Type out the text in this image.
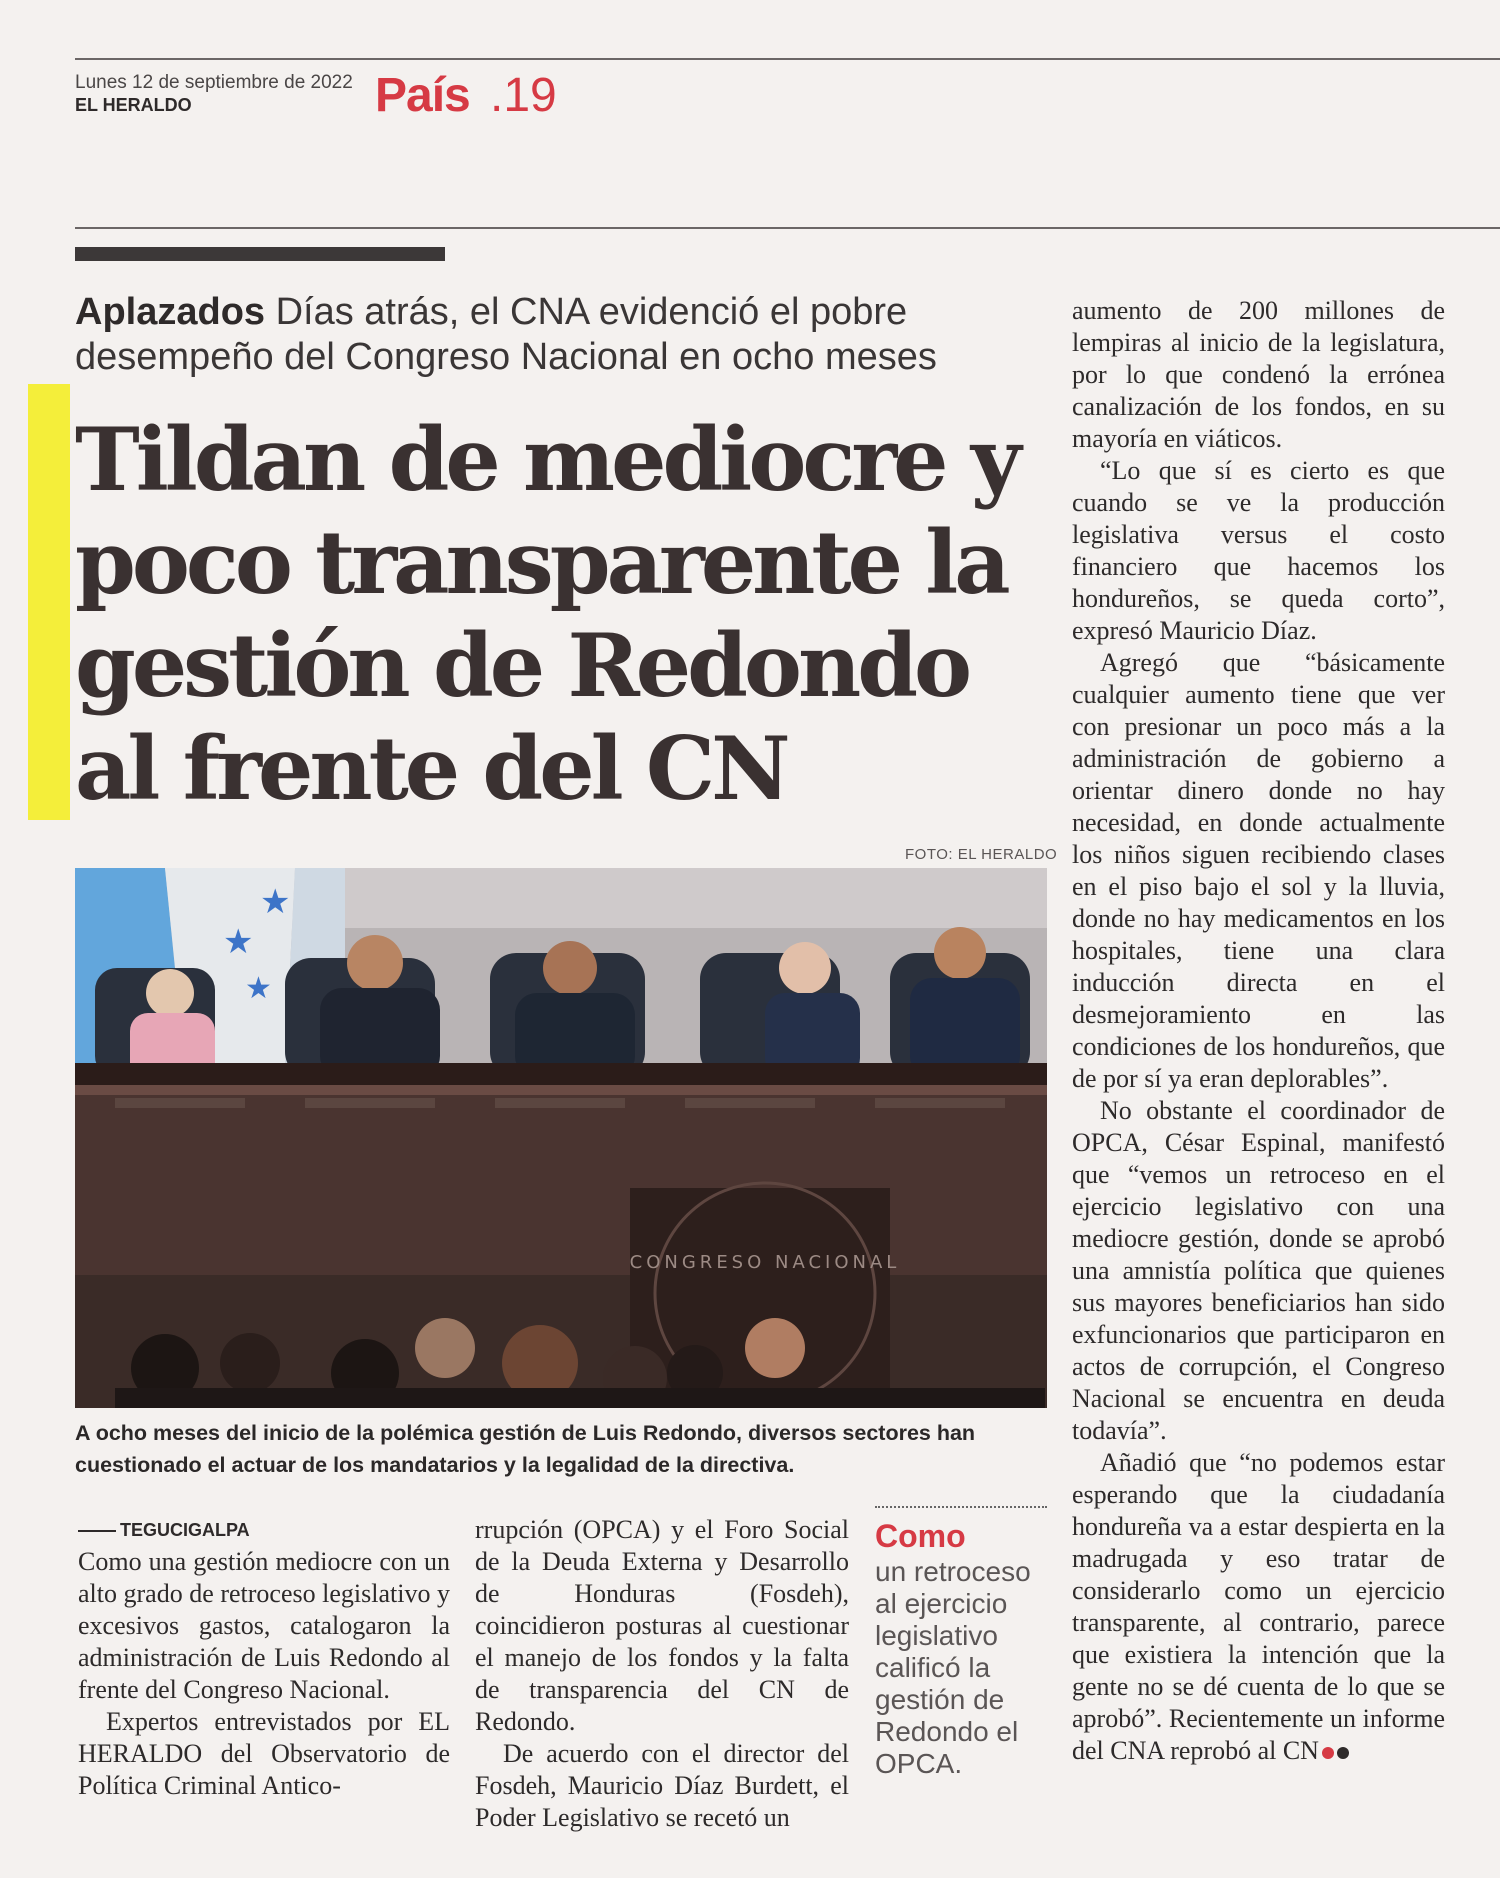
Lunes 12 de septiembre de 2022
EL HERALDO	País .19
Aplazados Días atrás, el CNA evidenció el pobre desempeño del Congreso Nacional en ocho meses
Tildan de mediocre y poco transparente la gestión de Redondo al frente del CN
FOTO: EL HERALDO
★
★
★
CONGRESO NACIONAL
A ocho meses del inicio de la polémica gestión de Luis Redondo, diversos sectores han cuestionado el actuar de los mandatarios y la legalidad de la directiva.
TEGUCIGALPA

Como una gestión mediocre con un alto grado de retroceso legislativo y excesivos gastos, catalogaron la administración de Luis Redondo al frente del Congreso Nacional.

Expertos entrevistados por EL HERALDO del Observatorio de Política Criminal Antico-

rrupción (OPCA) y el Foro Social de la Deuda Externa y Desarrollo de Honduras (Fosdeh), coincidieron posturas al cuestionar el manejo de los fondos y la falta de transparencia del CN de Redondo.

De acuerdo con el director del Fosdeh, Mauricio Díaz Burdett, el Poder Legislativo se recetó un

Como
un retroceso al ejercicio legislativo calificó la gestión de Redondo el OPCA.

aumento de 200 millones de lempiras al inicio de la legislatura, por lo que condenó la errónea canalización de los fondos, en su mayoría en viáticos.

“Lo que sí es cierto es que cuando se ve la producción legislativa versus el costo financiero que hacemos los hondureños, se queda corto”, expresó Mauricio Díaz.

Agregó que “básicamente cualquier aumento tiene que ver con presionar un poco más a la administración de gobierno a orientar dinero donde no hay necesidad, en donde actualmente los niños siguen recibiendo clases en el piso bajo el sol y la lluvia, donde no hay medicamentos en los hospitales, tiene una clara inducción directa en el desmejoramiento en las condiciones de los hondureños, que de por sí ya eran deplorables”.

No obstante el coordinador de OPCA, César Espinal, manifestó que “vemos un retroceso en el ejercicio legislativo con una mediocre gestión, donde se aprobó una amnistía política que quienes sus mayores beneficiarios han sido exfuncionarios que participaron en actos de corrupción, el Congreso Nacional se encuentra en deuda todavía”.

Añadió que “no podemos estar esperando que la ciudadanía hondureña va a estar despierta en la madrugada y eso tratar de considerarlo como un ejercicio transparente, al contrario, parece que existiera la intención que la gente no se dé cuenta de lo que se aprobó”. Recientemente un informe del CNA reprobó al CN
